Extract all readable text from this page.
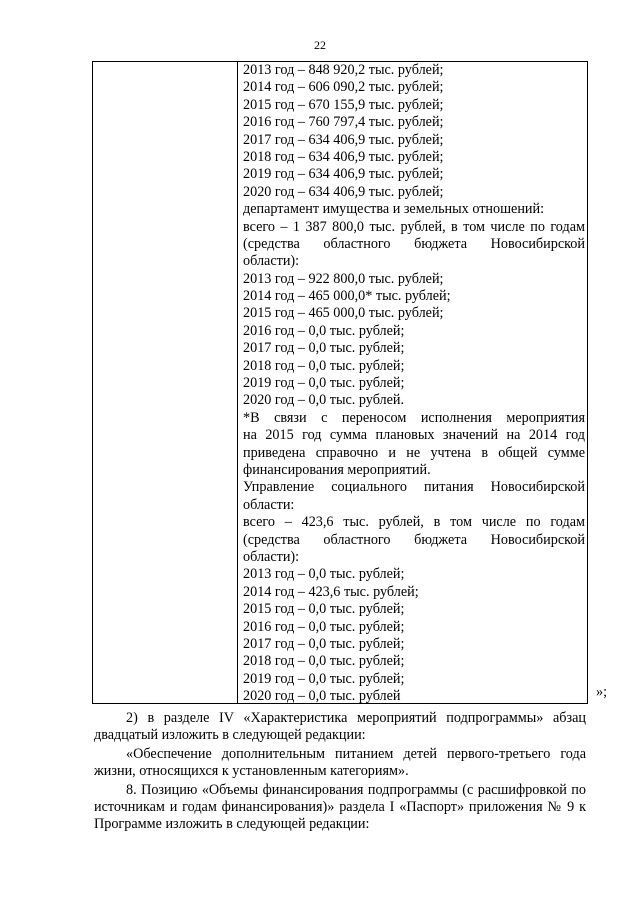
22
2013 год – 848 920,2 тыс. рублей;
2014 год – 606 090,2 тыс. рублей;
2015 год – 670 155,9 тыс. рублей;
2016 год – 760 797,4 тыс. рублей;
2017 год – 634 406,9 тыс. рублей;
2018 год – 634 406,9 тыс. рублей;
2019 год – 634 406,9 тыс. рублей;
2020 год – 634 406,9 тыс. рублей;
департамент имущества и земельных отношений:
всего – 1 387 800,0 тыс. рублей, в том числе по годам
(средства областного бюджета Новосибирской
области):
2013 год – 922 800,0 тыс. рублей;
2014 год – 465 000,0* тыс. рублей;
2015 год – 465 000,0 тыс. рублей;
2016 год – 0,0 тыс. рублей;
2017 год – 0,0 тыс. рублей;
2018 год – 0,0 тыс. рублей;
2019 год – 0,0 тыс. рублей;
2020 год – 0,0 тыс. рублей.
*В связи с переносом исполнения мероприятия
на 2015 год сумма плановых значений на 2014 год
приведена справочно и не учтена в общей сумме
финансирования мероприятий.
Управление социального питания Новосибирской
области:
всего – 423,6 тыс. рублей, в том числе по годам
(средства областного бюджета Новосибирской
области):
2013 год – 0,0 тыс. рублей;
2014 год – 423,6 тыс. рублей;
2015 год – 0,0 тыс. рублей;
2016 год – 0,0 тыс. рублей;
2017 год – 0,0 тыс. рублей;
2018 год – 0,0 тыс. рублей;
2019 год – 0,0 тыс. рублей;
2020 год – 0,0 тыс. рублей	»;

2) в разделе IV «Характеристика мероприятий подпрограммы» абзац двадцатый изложить в следующей редакции:

«Обеспечение дополнительным питанием детей первого-третьего года жизни, относящихся к установленным категориям».

8. Позицию «Объемы финансирования подпрограммы (с расшифровкой по источникам и годам финансирования)» раздела I «Паспорт» приложения № 9 к Программе изложить в следующей редакции:
